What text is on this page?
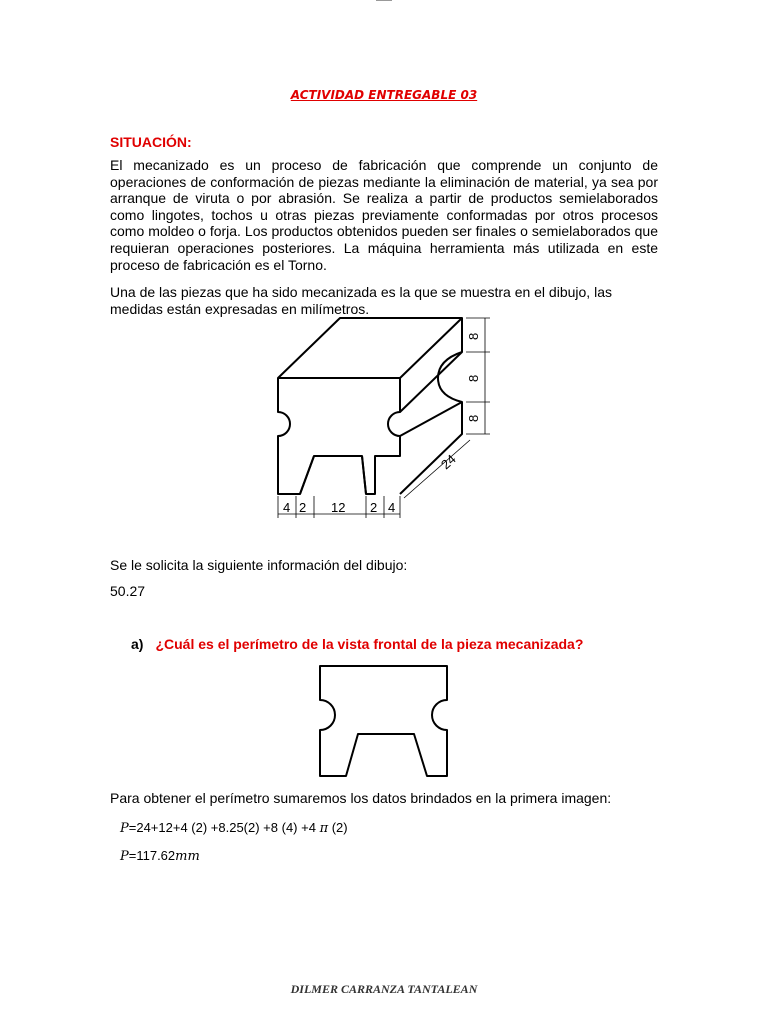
ACTIVIDAD ENTREGABLE 03
SITUACIÓN:
El mecanizado es un proceso de fabricación que comprende un conjunto de operaciones de conformación de piezas mediante la eliminación de material, ya sea por arranque de viruta o por abrasión. Se realiza a partir de productos semielaborados como lingotes, tochos u otras piezas previamente conformadas por otros procesos como moldeo o forja. Los productos obtenidos pueden ser finales o semielaborados que requieran operaciones posteriores. La máquina herramienta más utilizada en este proceso de fabricación es el Torno.
Una de las piezas que ha sido mecanizada es la que se muestra en el dibujo, las medidas están expresadas en milímetros.
8
8
8
24
4 2 12 2 4
Se le solicita la siguiente información del dibujo:
50.27
a) ¿Cuál es el perímetro de la vista frontal de la pieza mecanizada?
Para obtener el perímetro sumaremos los datos brindados en la primera imagen:
P=24+12+4 (2) +8.25(2) +8 (4) +4 π (2)
P=117.62mm
DILMER CARRANZA TANTALEAN
